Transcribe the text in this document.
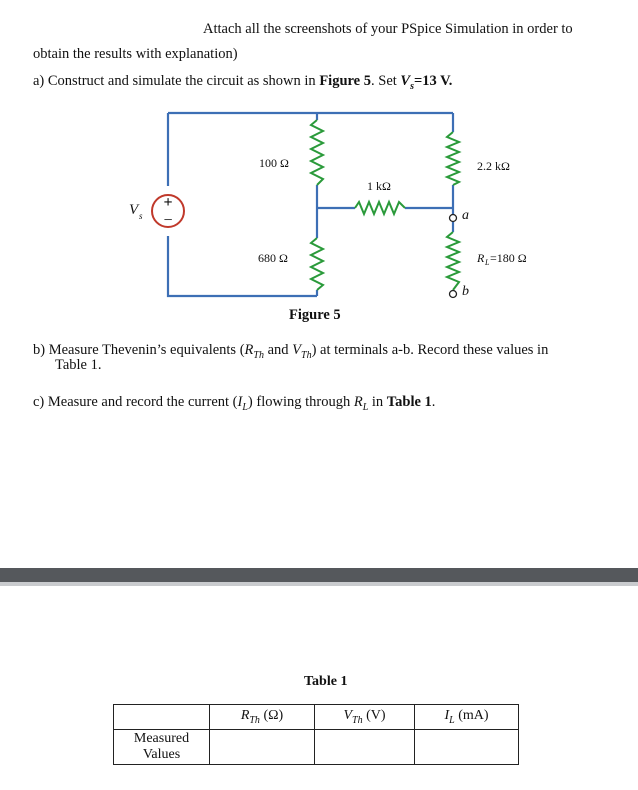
Attach all the screenshots of your PSpice Simulation in order to
obtain the results with explanation)
a) Construct and simulate the circuit as shown in Figure 5. Set $V_s=13$ V.
+
−
V s
100 Ω
680 Ω
1 kΩ
2.2 kΩ
a
b
R L =180 Ω
Figure 5
b) Measure Thevenin’s equivalents ($R_{Th}$ and $V_{Th}$) at terminals a-b. Record these values in
Table 1.
c) Measure and record the current $(I_L)$ flowing through $R_L$ in Table 1.
Table 1
	$R_{Th}$ (Ω)	$V_{Th}$ (V)	$I_L$ (mA)
Measured
Values			
